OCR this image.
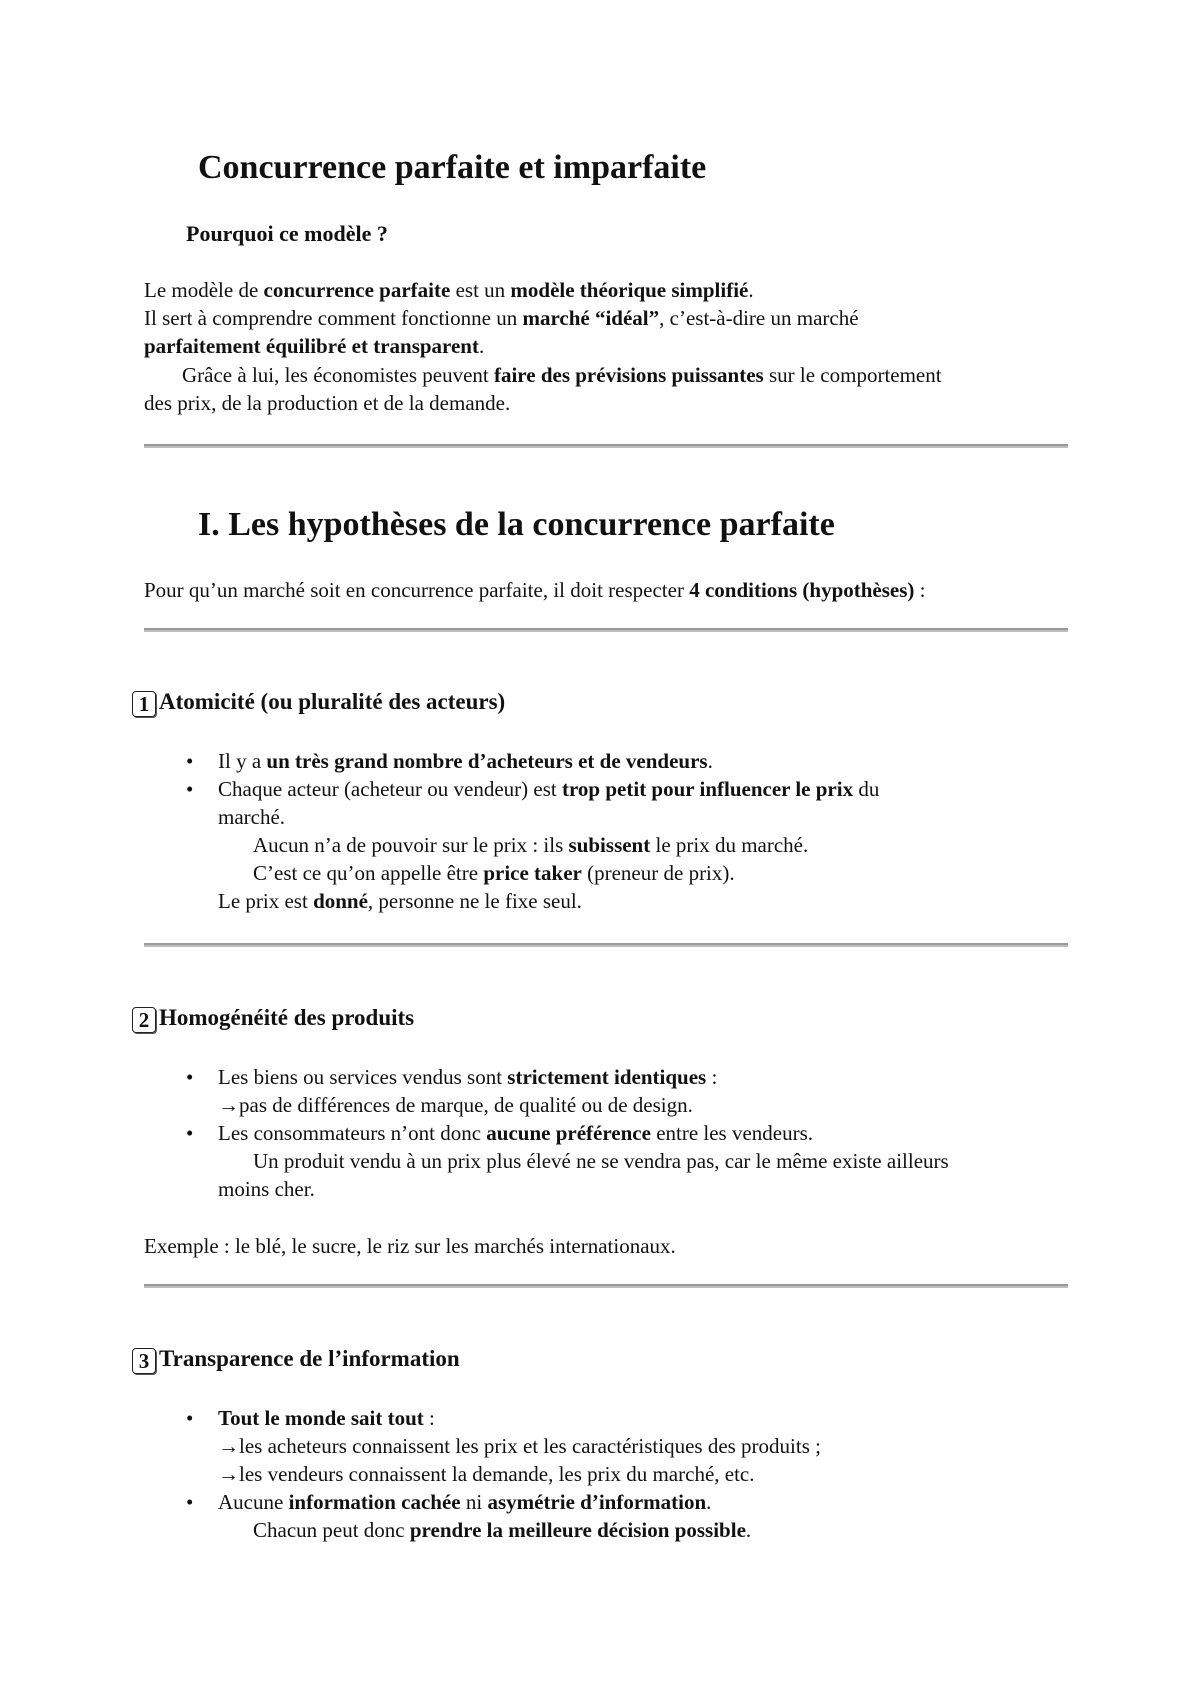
Concurrence parfaite et imparfaite
Pourquoi ce modèle ?
Le modèle de concurrence parfaite est un modèle théorique simplifié.
Il sert à comprendre comment fonctionne un marché “idéal”, c’est-à-dire un marché
parfaitement équilibré et transparent.
Grâce à lui, les économistes peuvent faire des prévisions puissantes sur le comportement
des prix, de la production et de la demande.
I. Les hypothèses de la concurrence parfaite
Pour qu’un marché soit en concurrence parfaite, il doit respecter 4 conditions (hypothèses) :
1 Atomicité (ou pluralité des acteurs)
• Il y a un très grand nombre d’acheteurs et de vendeurs.
• Chaque acteur (acheteur ou vendeur) est trop petit pour influencer le prix du
marché.
Aucun n’a de pouvoir sur le prix : ils subissent le prix du marché.
C’est ce qu’on appelle être price taker (preneur de prix).
Le prix est donné, personne ne le fixe seul.
2 Homogénéité des produits
• Les biens ou services vendus sont strictement identiques :
→pas de différences de marque, de qualité ou de design.
• Les consommateurs n’ont donc aucune préférence entre les vendeurs.
Un produit vendu à un prix plus élevé ne se vendra pas, car le même existe ailleurs
moins cher.
Exemple : le blé, le sucre, le riz sur les marchés internationaux.
3 Transparence de l’information
• Tout le monde sait tout :
→les acheteurs connaissent les prix et les caractéristiques des produits ;
→les vendeurs connaissent la demande, les prix du marché, etc.
• Aucune information cachée ni asymétrie d’information.
Chacun peut donc prendre la meilleure décision possible.
